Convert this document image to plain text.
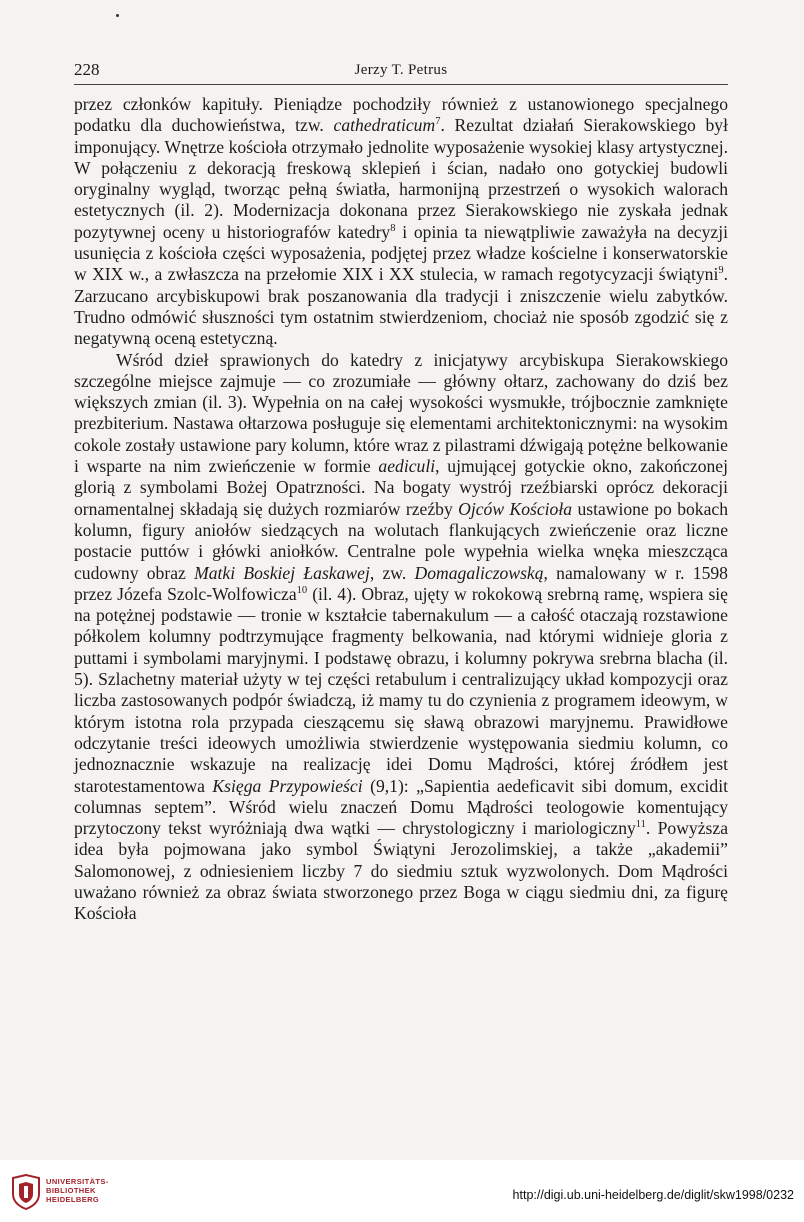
228	Jerzy T. Petrus

przez członków kapituły. Pieniądze pochodziły również z ustanowionego specjalnego podatku dla duchowieństwa, tzw. cathedraticum$^7$. Rezultat działań Sierakowskiego był imponujący. Wnętrze kościoła otrzymało jednolite wyposażenie wysokiej klasy artystycznej. W połączeniu z dekoracją freskową sklepień i ścian, nadało ono gotyckiej budowli oryginalny wygląd, tworząc pełną światła, harmonijną przestrzeń o wysokich walorach estetycznych (il. 2). Modernizacja dokonana przez Sierakowskiego nie zyskała jednak pozytywnej oceny u historiografów katedry$^8$ i opinia ta niewątpliwie zaważyła na decyzji usunięcia z kościoła części wyposażenia, podjętej przez władze kościelne i konserwatorskie w XIX w., a zwłaszcza na przełomie XIX i XX stulecia, w ramach regotycyzacji świątyni$^9$. Zarzucano arcybiskupowi brak poszanowania dla tradycji i zniszczenie wielu zabytków. Trudno odmówić słuszności tym ostatnim stwierdzeniom, chociaż nie sposób zgodzić się z negatywną oceną estetyczną.

Wśród dzieł sprawionych do katedry z inicjatywy arcybiskupa Sierakowskiego szczególne miejsce zajmuje — co zrozumiałe — główny ołtarz, zachowany do dziś bez większych zmian (il. 3). Wypełnia on na całej wysokości wysmukłe, trójbocznie zamknięte prezbiterium. Nastawa ołtarzowa posługuje się elementami architektonicznymi: na wysokim cokole zostały ustawione pary kolumn, które wraz z pilastrami dźwigają potężne belkowanie i wsparte na nim zwieńczenie w formie aediculi, ujmującej gotyckie okno, zakończonej glorią z symbolami Bożej Opatrzności. Na bogaty wystrój rzeźbiarski oprócz dekoracji ornamentalnej składają się dużych rozmiarów rzeźby Ojców Kościoła ustawione po bokach kolumn, figury aniołów siedzących na wolutach flankujących zwieńczenie oraz liczne postacie puttów i główki aniołków. Centralne pole wypełnia wielka wnęka mieszcząca cudowny obraz Matki Boskiej Łaskawej, zw. Domagaliczowską, namalowany w r. 1598 przez Józefa Szolc-Wolfowicza$^{10}$ (il. 4). Obraz, ujęty w rokokową srebrną ramę, wspiera się na potężnej podstawie — tronie w kształcie tabernakulum — a całość otaczają rozstawione półkolem kolumny podtrzymujące fragmenty belkowania, nad którymi widnieje gloria z puttami i symbolami maryjnymi. I podstawę obrazu, i kolumny pokrywa srebrna blacha (il. 5). Szlachetny materiał użyty w tej części retabulum i centralizujący układ kompozycji oraz liczba zastosowanych podpór świadczą, iż mamy tu do czynienia z programem ideowym, w którym istotna rola przypada cieszącemu się sławą obrazowi maryjnemu. Prawidłowe odczytanie treści ideowych umożliwia stwierdzenie występowania siedmiu kolumn, co jednoznacznie wskazuje na realizację idei Domu Mądrości, której źródłem jest starotestamentowa Księga Przypowieści (9,1): „Sapientia aedeficavit sibi domum, excidit columnas septem”. Wśród wielu znaczeń Domu Mądrości teologowie komentujący przytoczony tekst wyróżniają dwa wątki — chrystologiczny i mariologiczny$^{11}$. Powyższa idea była pojmowana jako symbol Świątyni Jerozolimskiej, a także „akademii” Salomonowej, z odniesieniem liczby 7 do siedmiu sztuk wyzwolonych. Dom Mądrości uważano również za obraz świata stworzonego przez Boga w ciągu siedmiu dni, za figurę Kościoła

UNIVERSITÄTS-
BIBLIOTHEK
HEIDELBERG	http://digi.ub.uni-heidelberg.de/diglit/skw1998/0232
